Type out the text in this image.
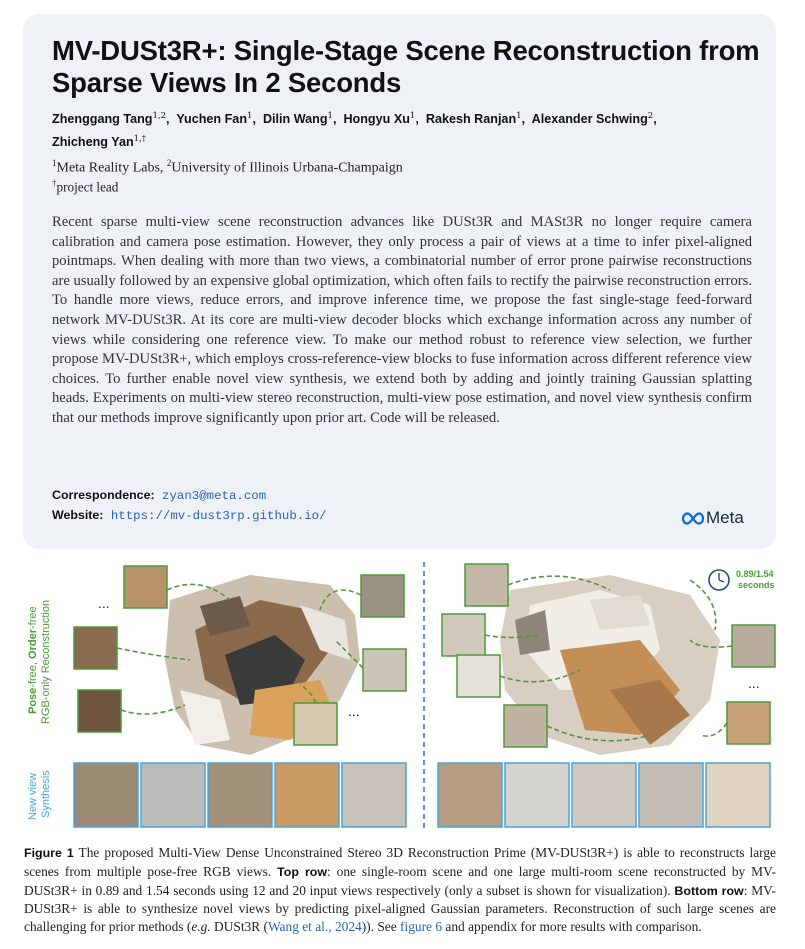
MV-DUSt3R+: Single-Stage Scene Reconstruction from Sparse Views In 2 Seconds
Zhenggang Tang$^{1,2}$,  Yuchen Fan$^1$,  Dilin Wang$^1$,  Hongyu Xu$^1$,  Rakesh Ranjan$^1$,  Alexander Schwing$^2$,
Zhicheng Yan$^{1,\dagger}$
$^1$Meta Reality Labs, $^2$University of Illinois Urbana-Champaign
†project lead

Recent sparse multi-view scene reconstruction advances like DUSt3R and MASt3R no longer require camera calibration and camera pose estimation. However, they only process a pair of views at a time to infer pixel-aligned pointmaps. When dealing with more than two views, a combinatorial number of error prone pairwise reconstructions are usually followed by an expensive global optimization, which often fails to rectify the pairwise reconstruction errors. To handle more views, reduce errors, and improve inference time, we propose the fast single-stage feed-forward network MV-DUSt3R. At its core are multi-view decoder blocks which exchange information across any number of views while considering one reference view. To make our method robust to reference view selection, we further propose MV-DUSt3R+, which employs cross-reference-view blocks to fuse information across different reference view choices. To further enable novel view synthesis, we extend both by adding and jointly training Gaussian splatting heads. Experiments on multi-view stereo reconstruction, multi-view pose estimation, and novel view synthesis confirm that our methods improve significantly upon prior art. Code will be released.

Correspondence: zyan3@meta.com
Website: https://mv-dust3rp.github.io/	Meta
Pose-free, Order-free RGB-only Reconstruction
New view Synthesis
...
...
...
0.89/1.54
seconds

Figure 1 The proposed Multi-View Dense Unconstrained Stereo 3D Reconstruction Prime (MV-DUSt3R+) is able to reconstructs large scenes from multiple pose-free RGB views. Top row: one single-room scene and one large multi-room scene reconstructed by MV-DUSt3R+ in 0.89 and 1.54 seconds using 12 and 20 input views respectively (only a subset is shown for visualization). Bottom row: MV-DUSt3R+ is able to synthesize novel views by predicting pixel-aligned Gaussian parameters. Reconstruction of such large scenes are challenging for prior methods (e.g. DUSt3R (Wang et al., 2024)). See figure 6 and appendix for more results with comparison.
